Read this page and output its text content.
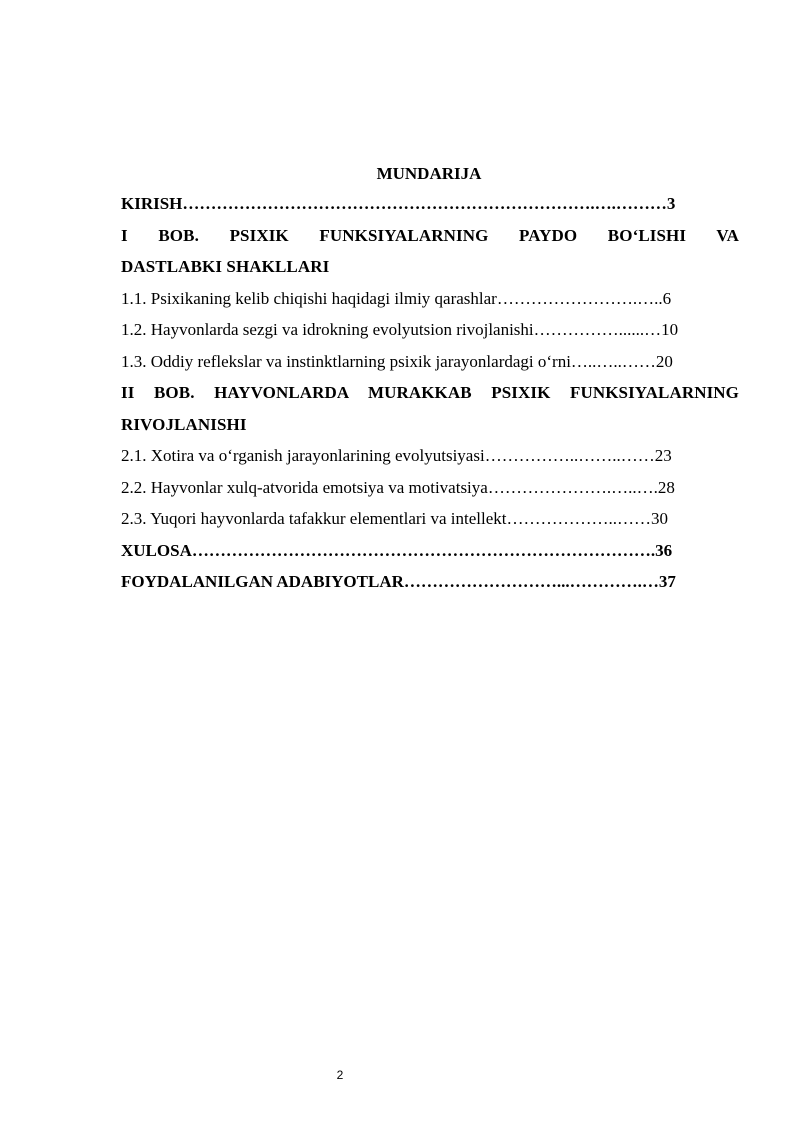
MUNDARIJA
KIRISH……………………………………………………………….….………3
I BOB. PSIXIK FUNKSIYALARNING PAYDO BO‘LISHI VA
DASTLABKI SHAKLLARI
1.1. Psixikaning kelib chiqishi haqidagi ilmiy qarashlar…………………….…..6
1.2. Hayvonlarda sezgi va idrokning evolyutsion rivojlanishi……………......…10
1.3. Oddiy reflekslar va instinktlarning psixik jarayonlardagi o‘rni…..…..……20
II BOB. HAYVONLARDA MURAKKAB PSIXIK FUNKSIYALARNING
RIVOJLANISHI
2.1. Xotira va o‘rganish jarayonlarining evolyutsiyasi……………..……..……23
2.2. Hayvonlar xulq-atvorida emotsiya va motivatsiya………………….…..….28
2.3. Yuqori hayvonlarda tafakkur elementlari va intellekt………………..……30
XULOSA……………………………………………………………………….36
FOYDALANILGAN ADABIYOTLAR………………………...………….…37
2
